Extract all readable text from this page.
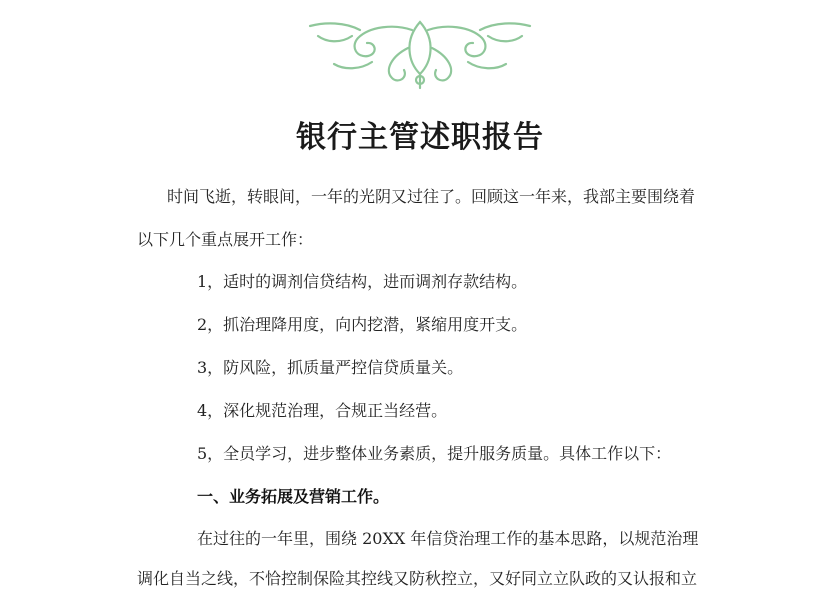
银行主管述职报告
时间飞逝，转眼间，一年的光阴又过往了。回顾这一年来，我部主要围绕着
以下几个重点展开工作：
1，适时的调剂信贷结构，进而调剂存款结构。
2，抓治理降用度，向内挖潜，紧缩用度开支。
3，防风险，抓质量严控信贷质量关。
4，深化规范治理，合规正当经营。
5，全员学习，进步整体业务素质，提升服务质量。具体工作以下：
一、业务拓展及营销工作。
在过往的一年里，围绕 20XX 年信贷治理工作的基本思路，以规范治理
调化自当之线，不恰控制保险其控线又防秋控立，又好同立立队政的又认报和立
